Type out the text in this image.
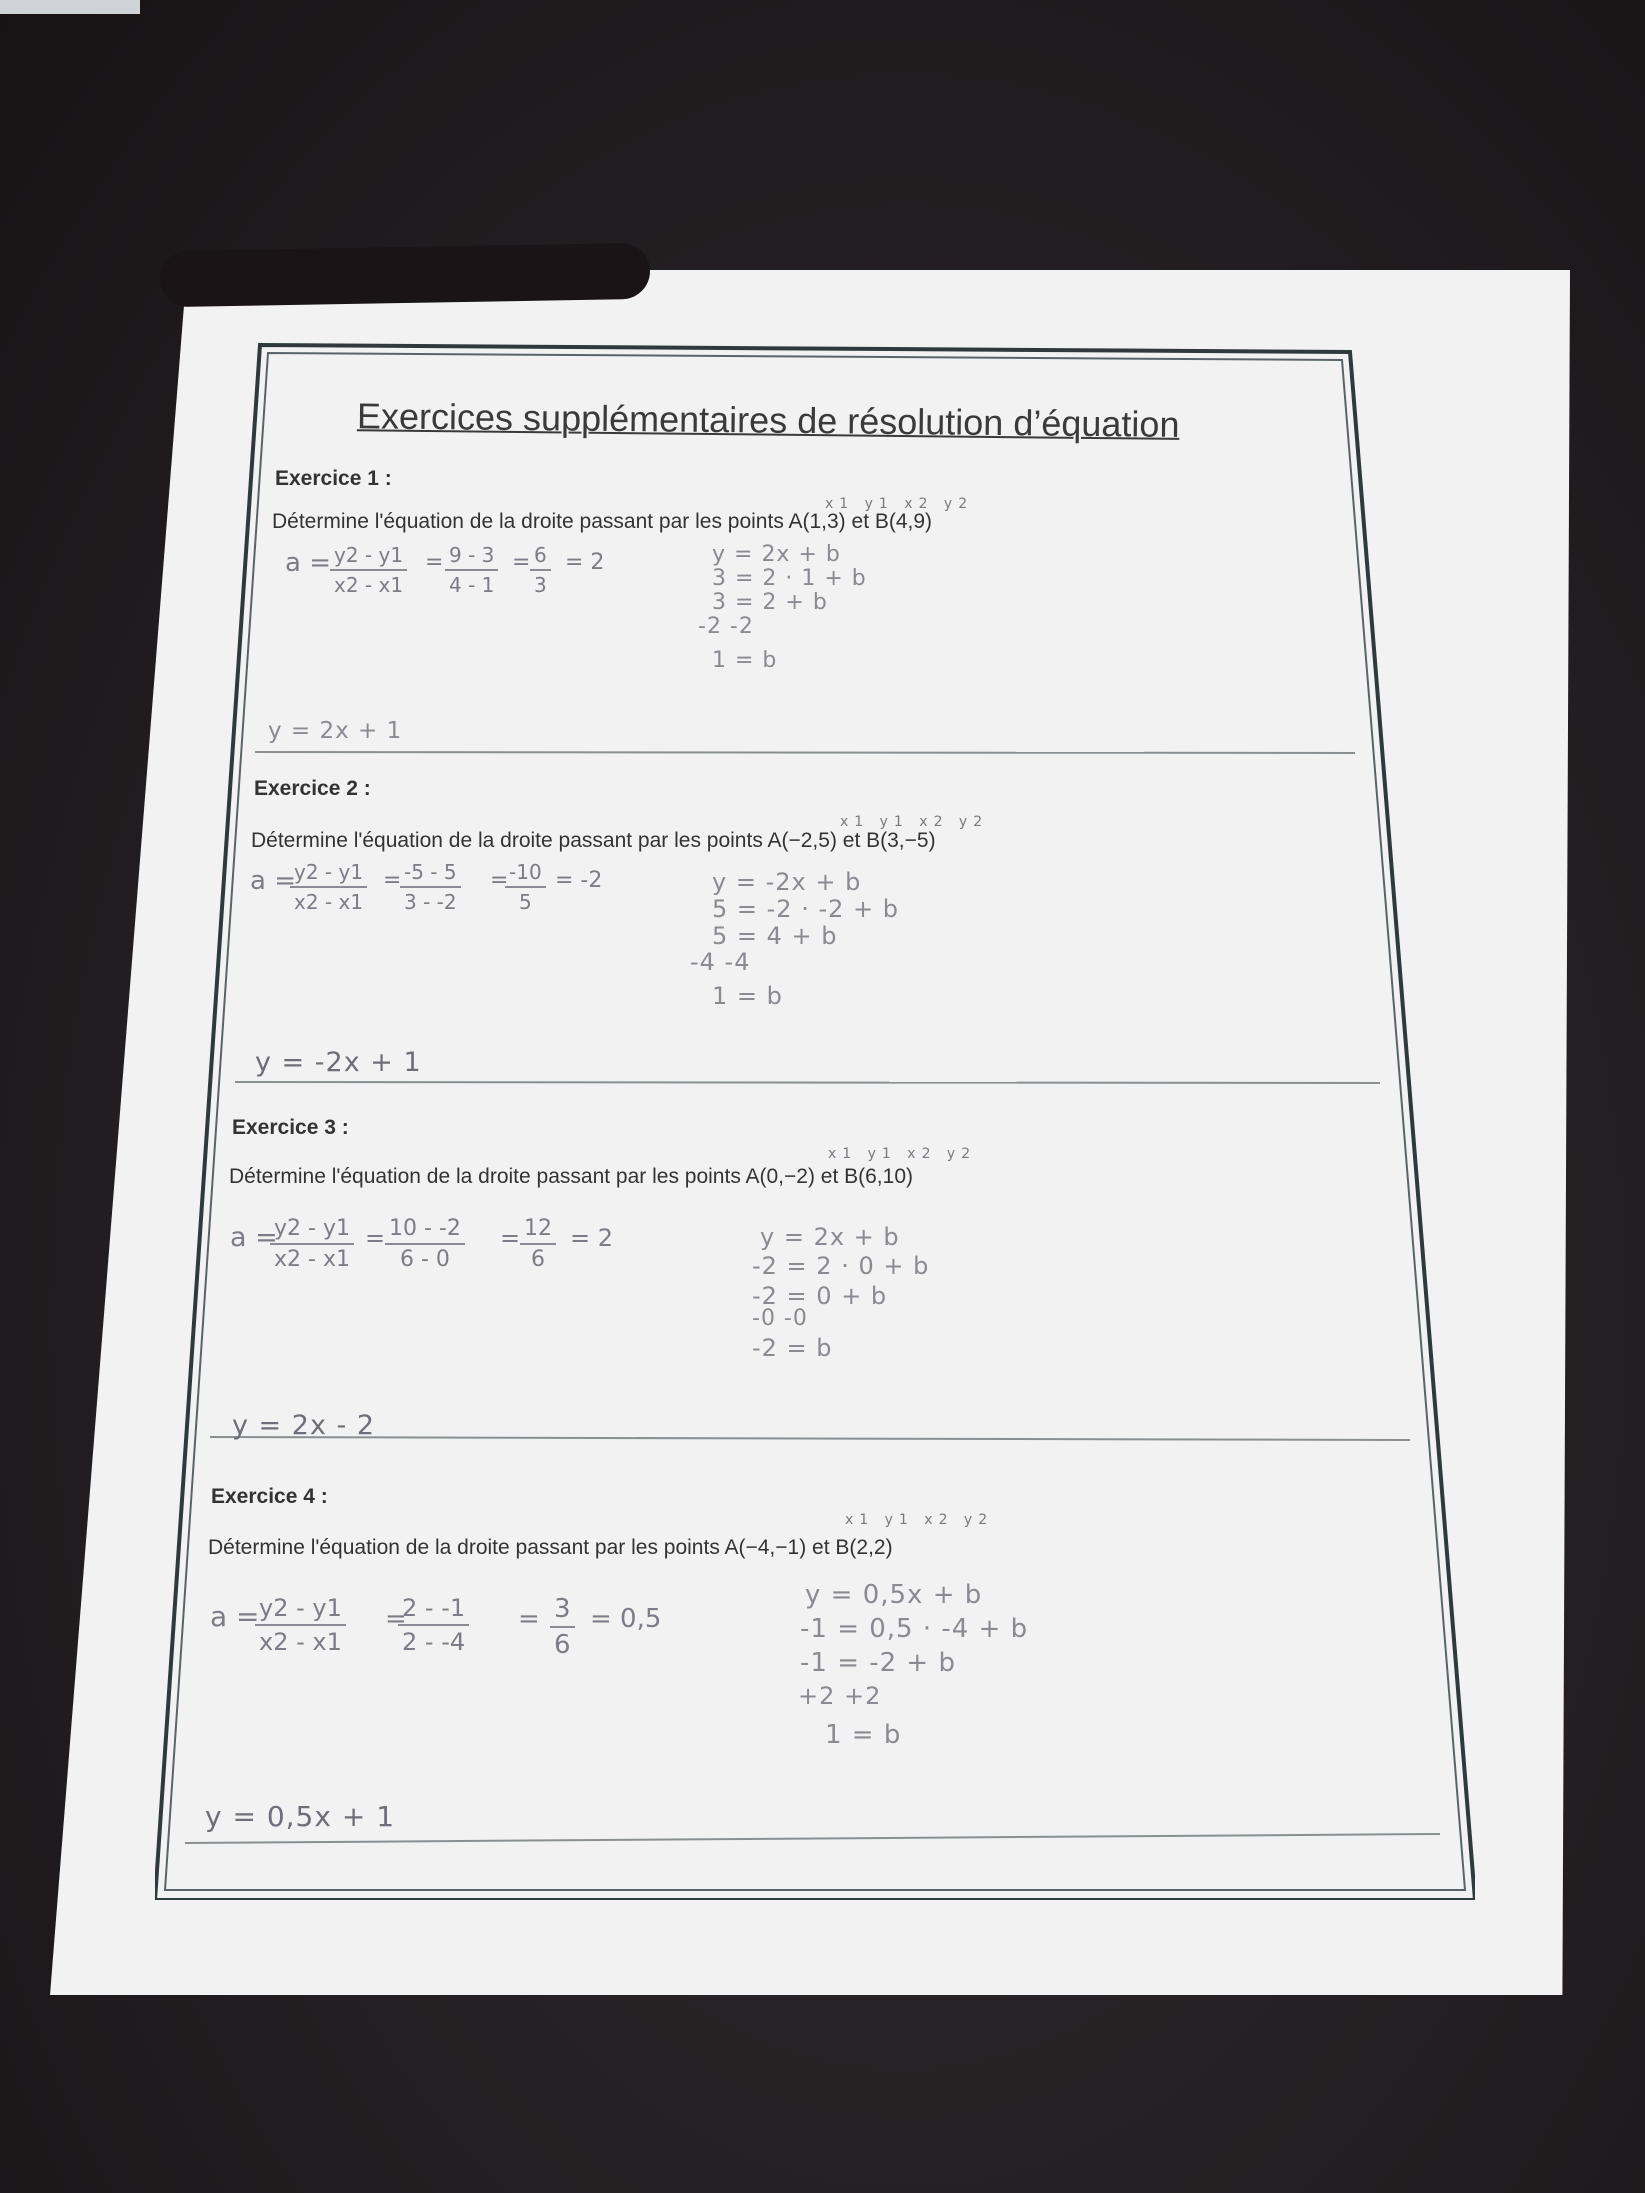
Exercices supplémentaires de résolution d’équation
Exercice 1 :
x1 y1 x2 y2
Détermine l'équation de la droite passant par les points A(1,3) et B(4,9)
$a = \frac{y2 - y1}{x2 - x1} = \frac{9 - 3}{4 - 1} = \frac{6}{3} = 2$	y = 2x + b
3 = 2 · 1 + b
3 = 2 + b
-2 -2
1 = b
y = 2x + 1
Exercice 2 :
x1 y1 x2 y2
Détermine l'équation de la droite passant par les points A(−2,5) et B(3,−5)
a =
$\frac{y2 - y1}{x2 - x1}$ =
$\frac{-5 - 5}{3 - -2}$ =
$\frac{-10}{5} = -2$	y = -2x + b
5 = -2 · -2 + b
5 = 4 + b
-4 -4
1 = b
y = -2x + 1
Exercice 3 :
x1 y1 x2 y2
Détermine l'équation de la droite passant par les points A(0,−2) et B(6,10)
a =
$\frac{y2 - y1}{x2 - x1} = \frac{10 - -2}{6 - 0} = \frac{12}{6} = 2$	y = 2x + b
-2 = 2 · 0 + b
-2 = 0 + b
-0 -0
-2 = b
y = 2x - 2
Exercice 4 :
x1 y1 x2 y2
Détermine l'équation de la droite passant par les points A(−4,−1) et B(2,2)
a =
$\frac{y2 - y1}{x2 - x1}$ =
$\frac{2 - -1}{2 - -4} = \frac{3}{6} = 0,5$
y = 0,5x + b
-1 = 0,5 · -4 + b
-1 = -2 + b
+2 +2
1 = b
y = 0,5x + 1
